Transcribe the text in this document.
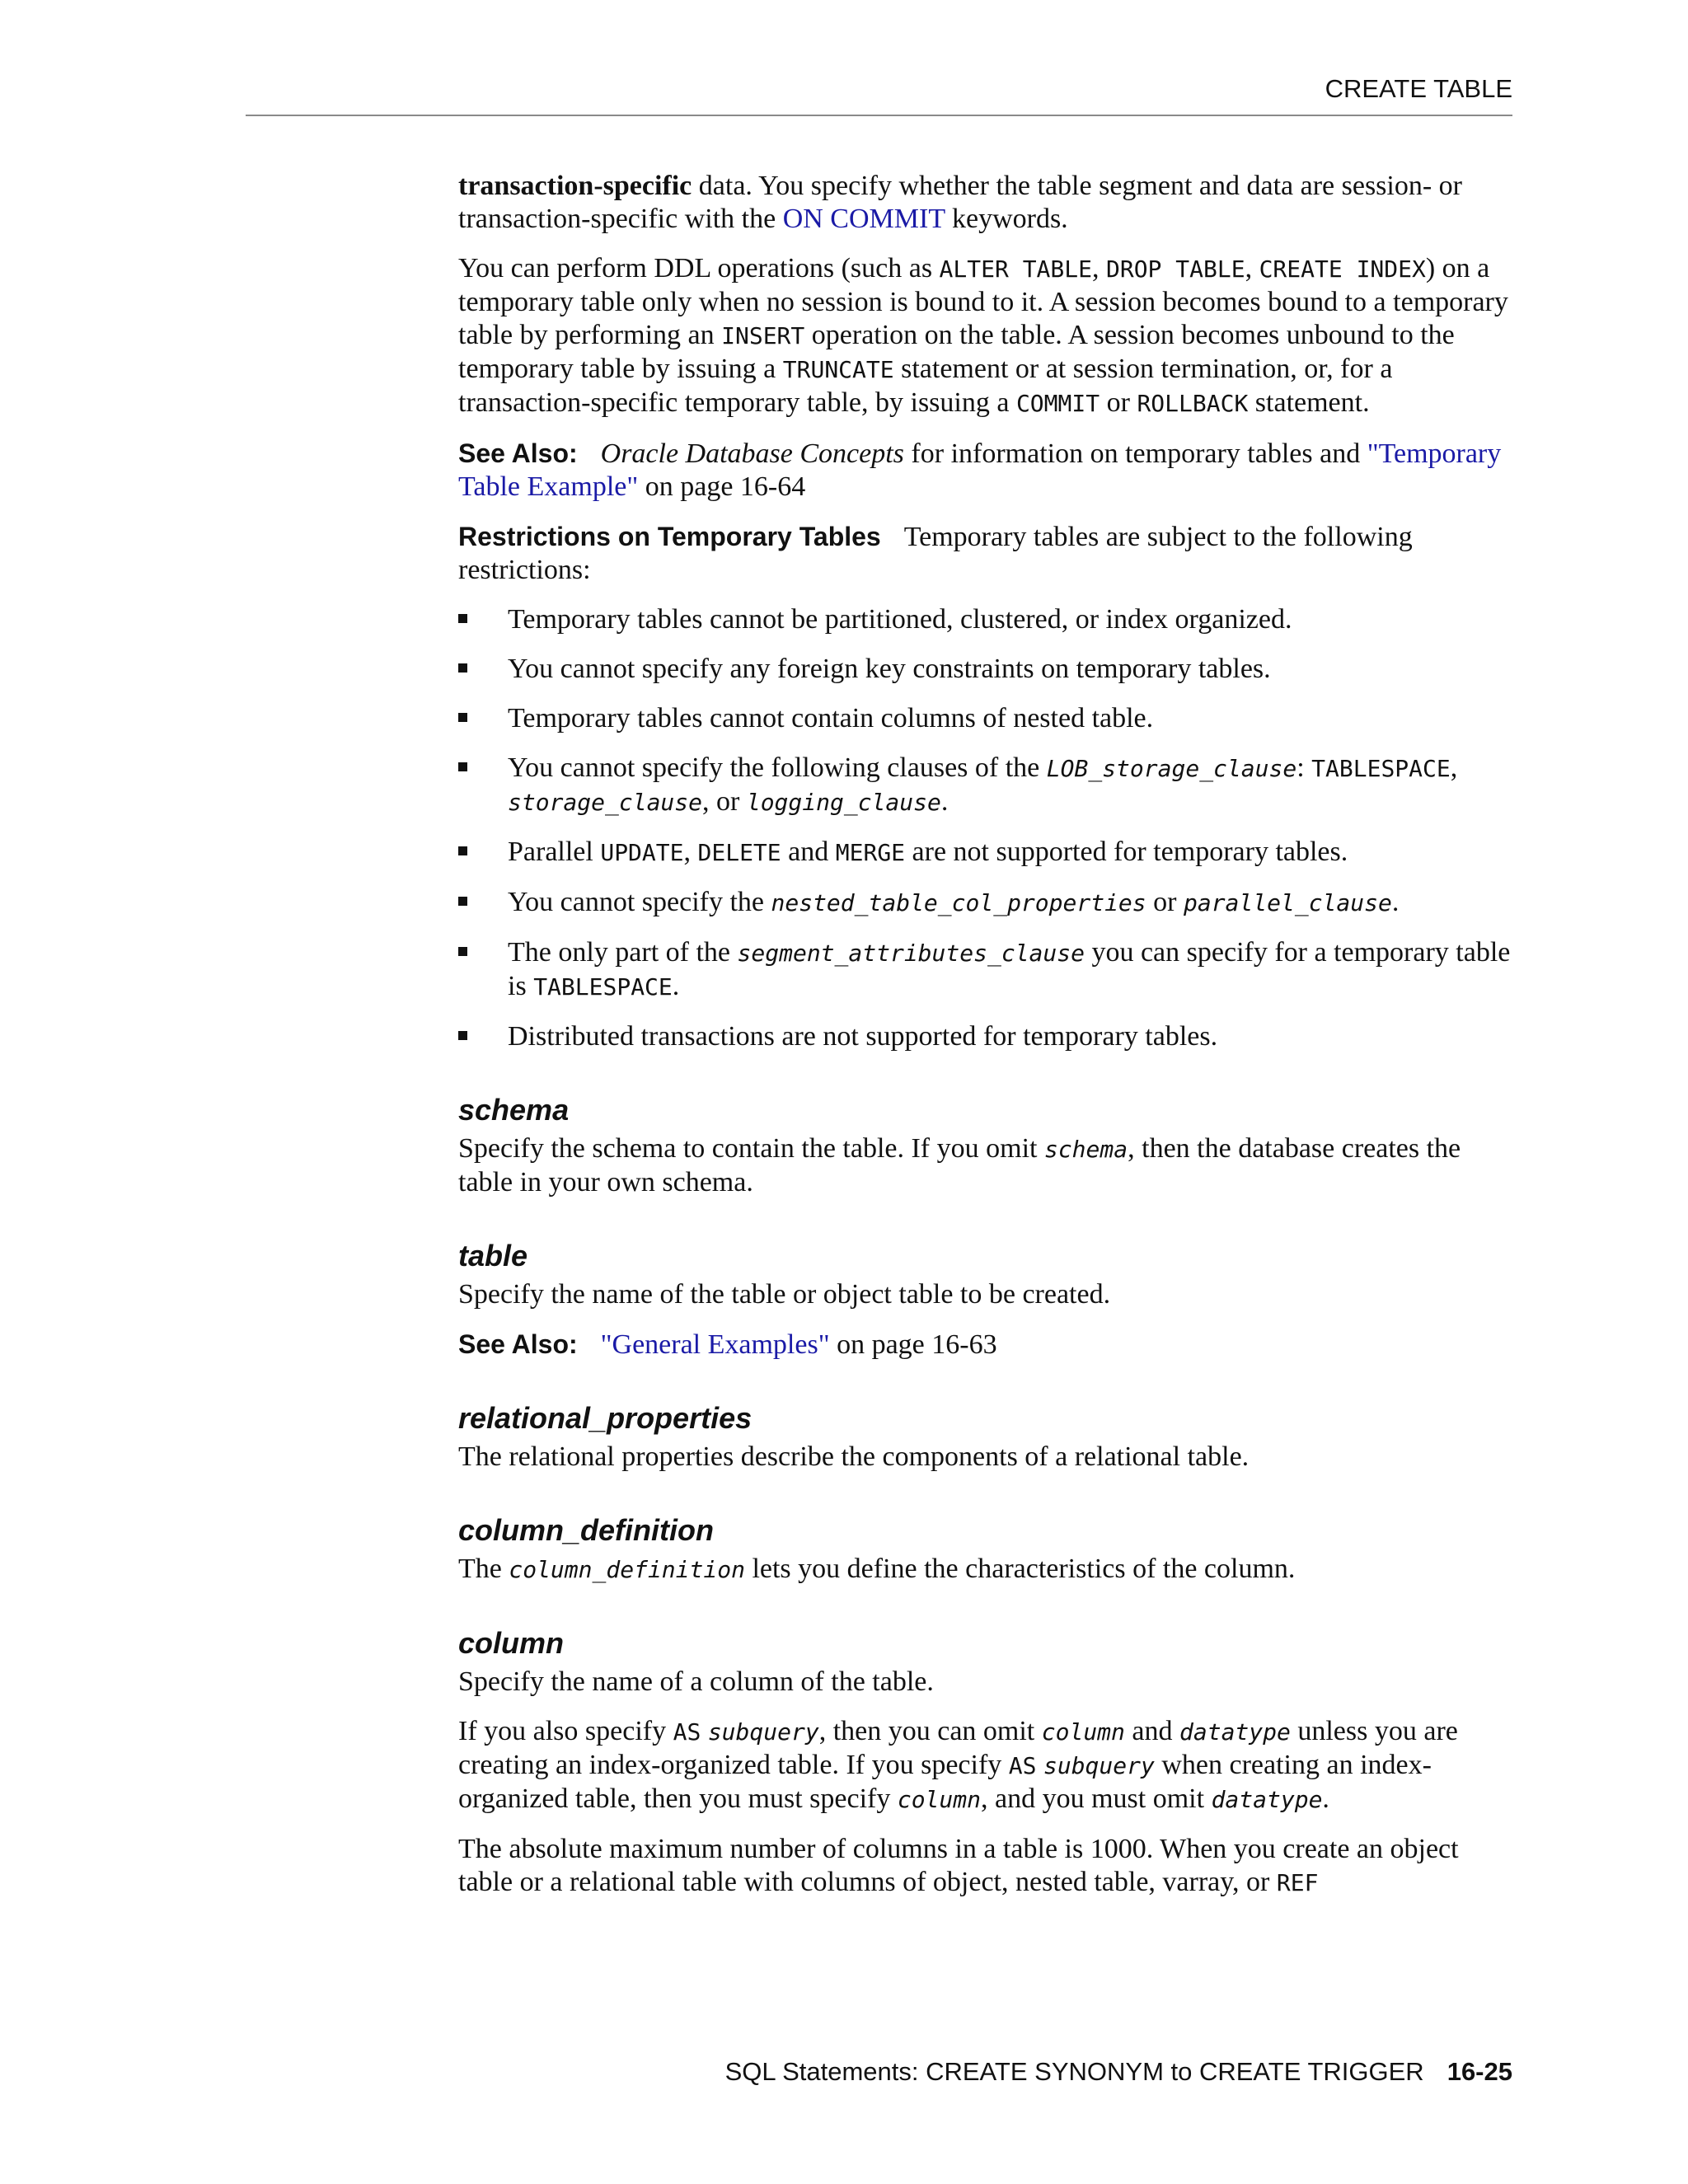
CREATE TABLE

transaction-specific data. You specify whether the table segment and data are session- or transaction-specific with the ON COMMIT keywords.

You can perform DDL operations (such as ALTER TABLE, DROP TABLE, CREATE INDEX) on a temporary table only when no session is bound to it. A session becomes bound to a temporary table by performing an INSERT operation on the table. A session becomes unbound to the temporary table by issuing a TRUNCATE statement or at session termination, or, for a transaction-specific temporary table, by issuing a COMMIT or ROLLBACK statement.

See Also: Oracle Database Concepts for information on temporary tables and "Temporary Table Example" on page 16-64

Restrictions on Temporary Tables Temporary tables are subject to the following restrictions:

Temporary tables cannot be partitioned, clustered, or index organized.
You cannot specify any foreign key constraints on temporary tables.
Temporary tables cannot contain columns of nested table.
You cannot specify the following clauses of the LOB_storage_clause: TABLESPACE, storage_clause, or logging_clause.
Parallel UPDATE, DELETE and MERGE are not supported for temporary tables.
You cannot specify the nested_table_col_properties or parallel_clause.
The only part of the segment_attributes_clause you can specify for a temporary table is TABLESPACE.
Distributed transactions are not supported for temporary tables.
schema

Specify the schema to contain the table. If you omit schema, then the database creates the table in your own schema.

table

Specify the name of the table or object table to be created.

See Also: "General Examples" on page 16-63

relational_properties

The relational properties describe the components of a relational table.

column_definition

The column_definition lets you define the characteristics of the column.

column

Specify the name of a column of the table.

If you also specify AS subquery, then you can omit column and datatype unless you are creating an index-organized table. If you specify AS subquery when creating an index-organized table, then you must specify column, and you must omit datatype.

The absolute maximum number of columns in a table is 1000. When you create an object table or a relational table with columns of object, nested table, varray, or REF

SQL Statements: CREATE SYNONYM to CREATE TRIGGER 16-25
